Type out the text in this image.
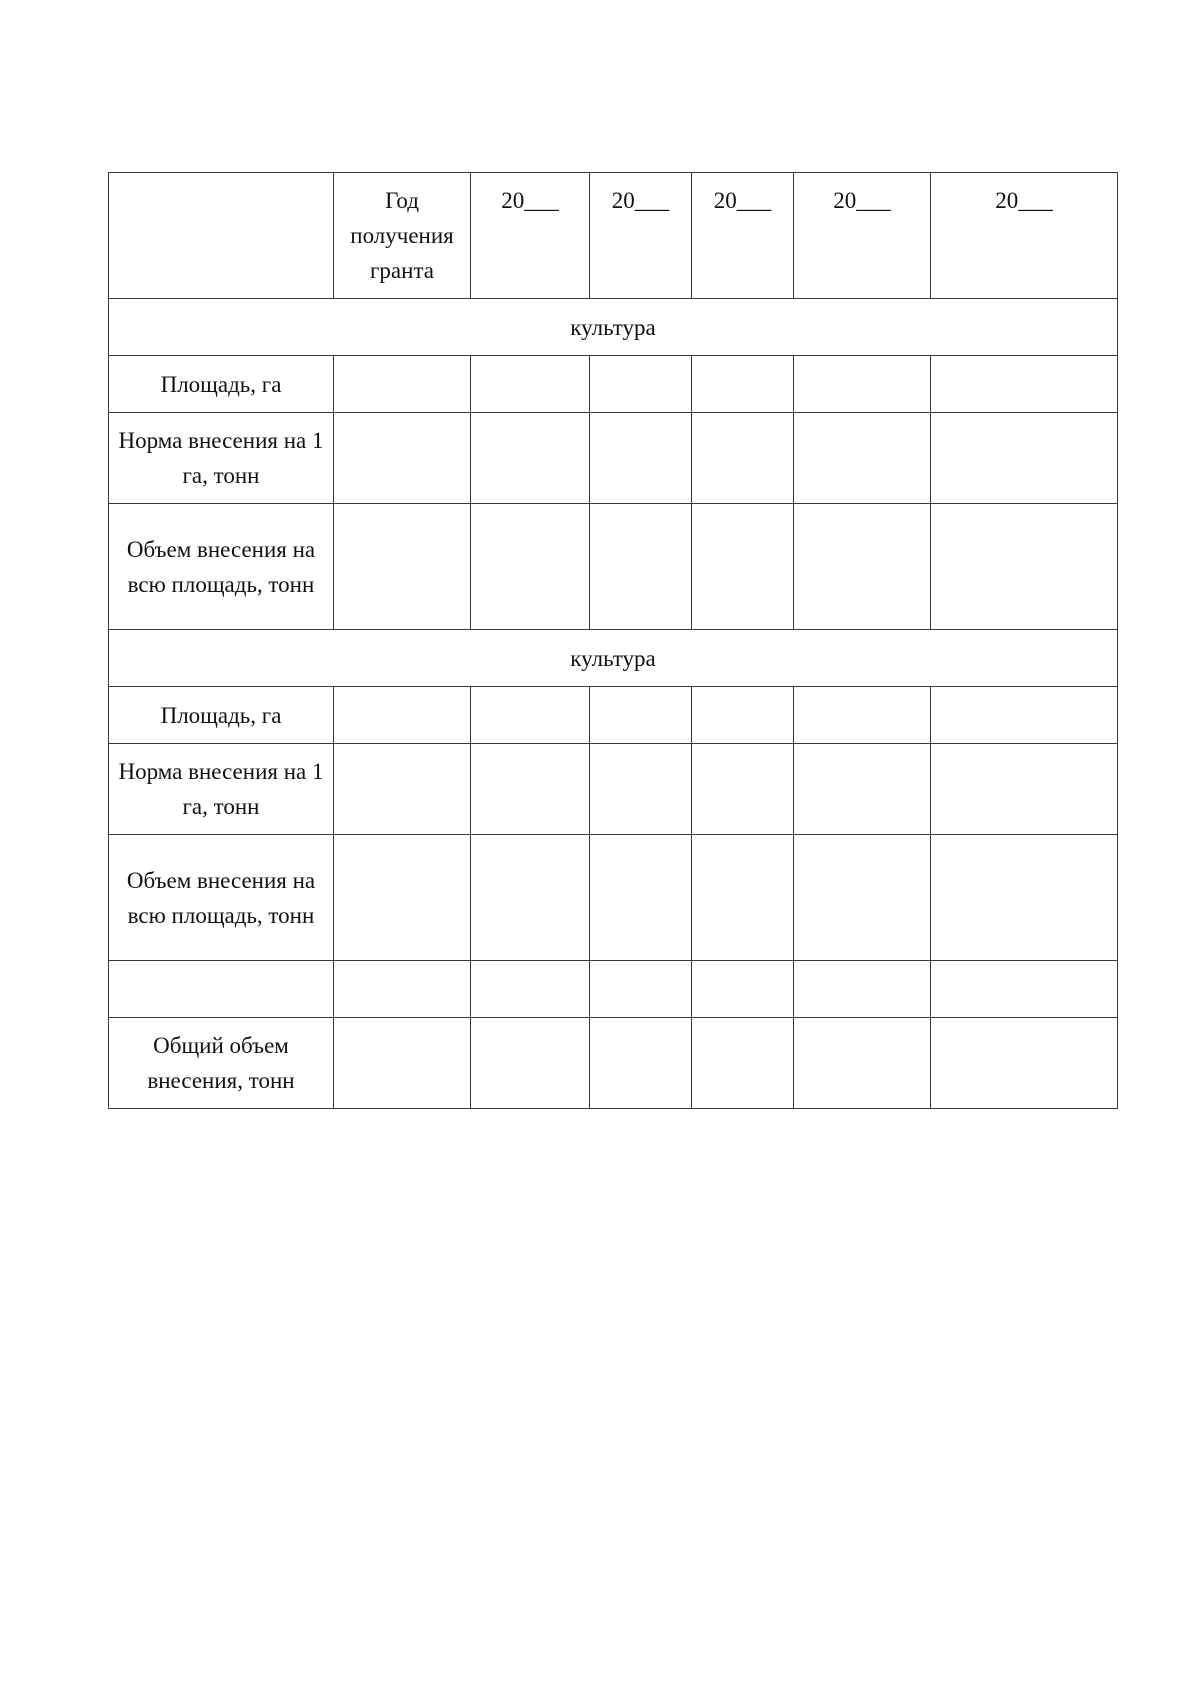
	Год получения гранта	20___	20___	20___	20___	20___
культура						
Площадь, га						
Норма внесения на 1 га, тонн						
Объем внесения на всю площадь, тонн						
культура						
Площадь, га						
Норма внесения на 1 га, тонн						
Объем внесения на всю площадь, тонн						

Общий объем внесения, тонн						
